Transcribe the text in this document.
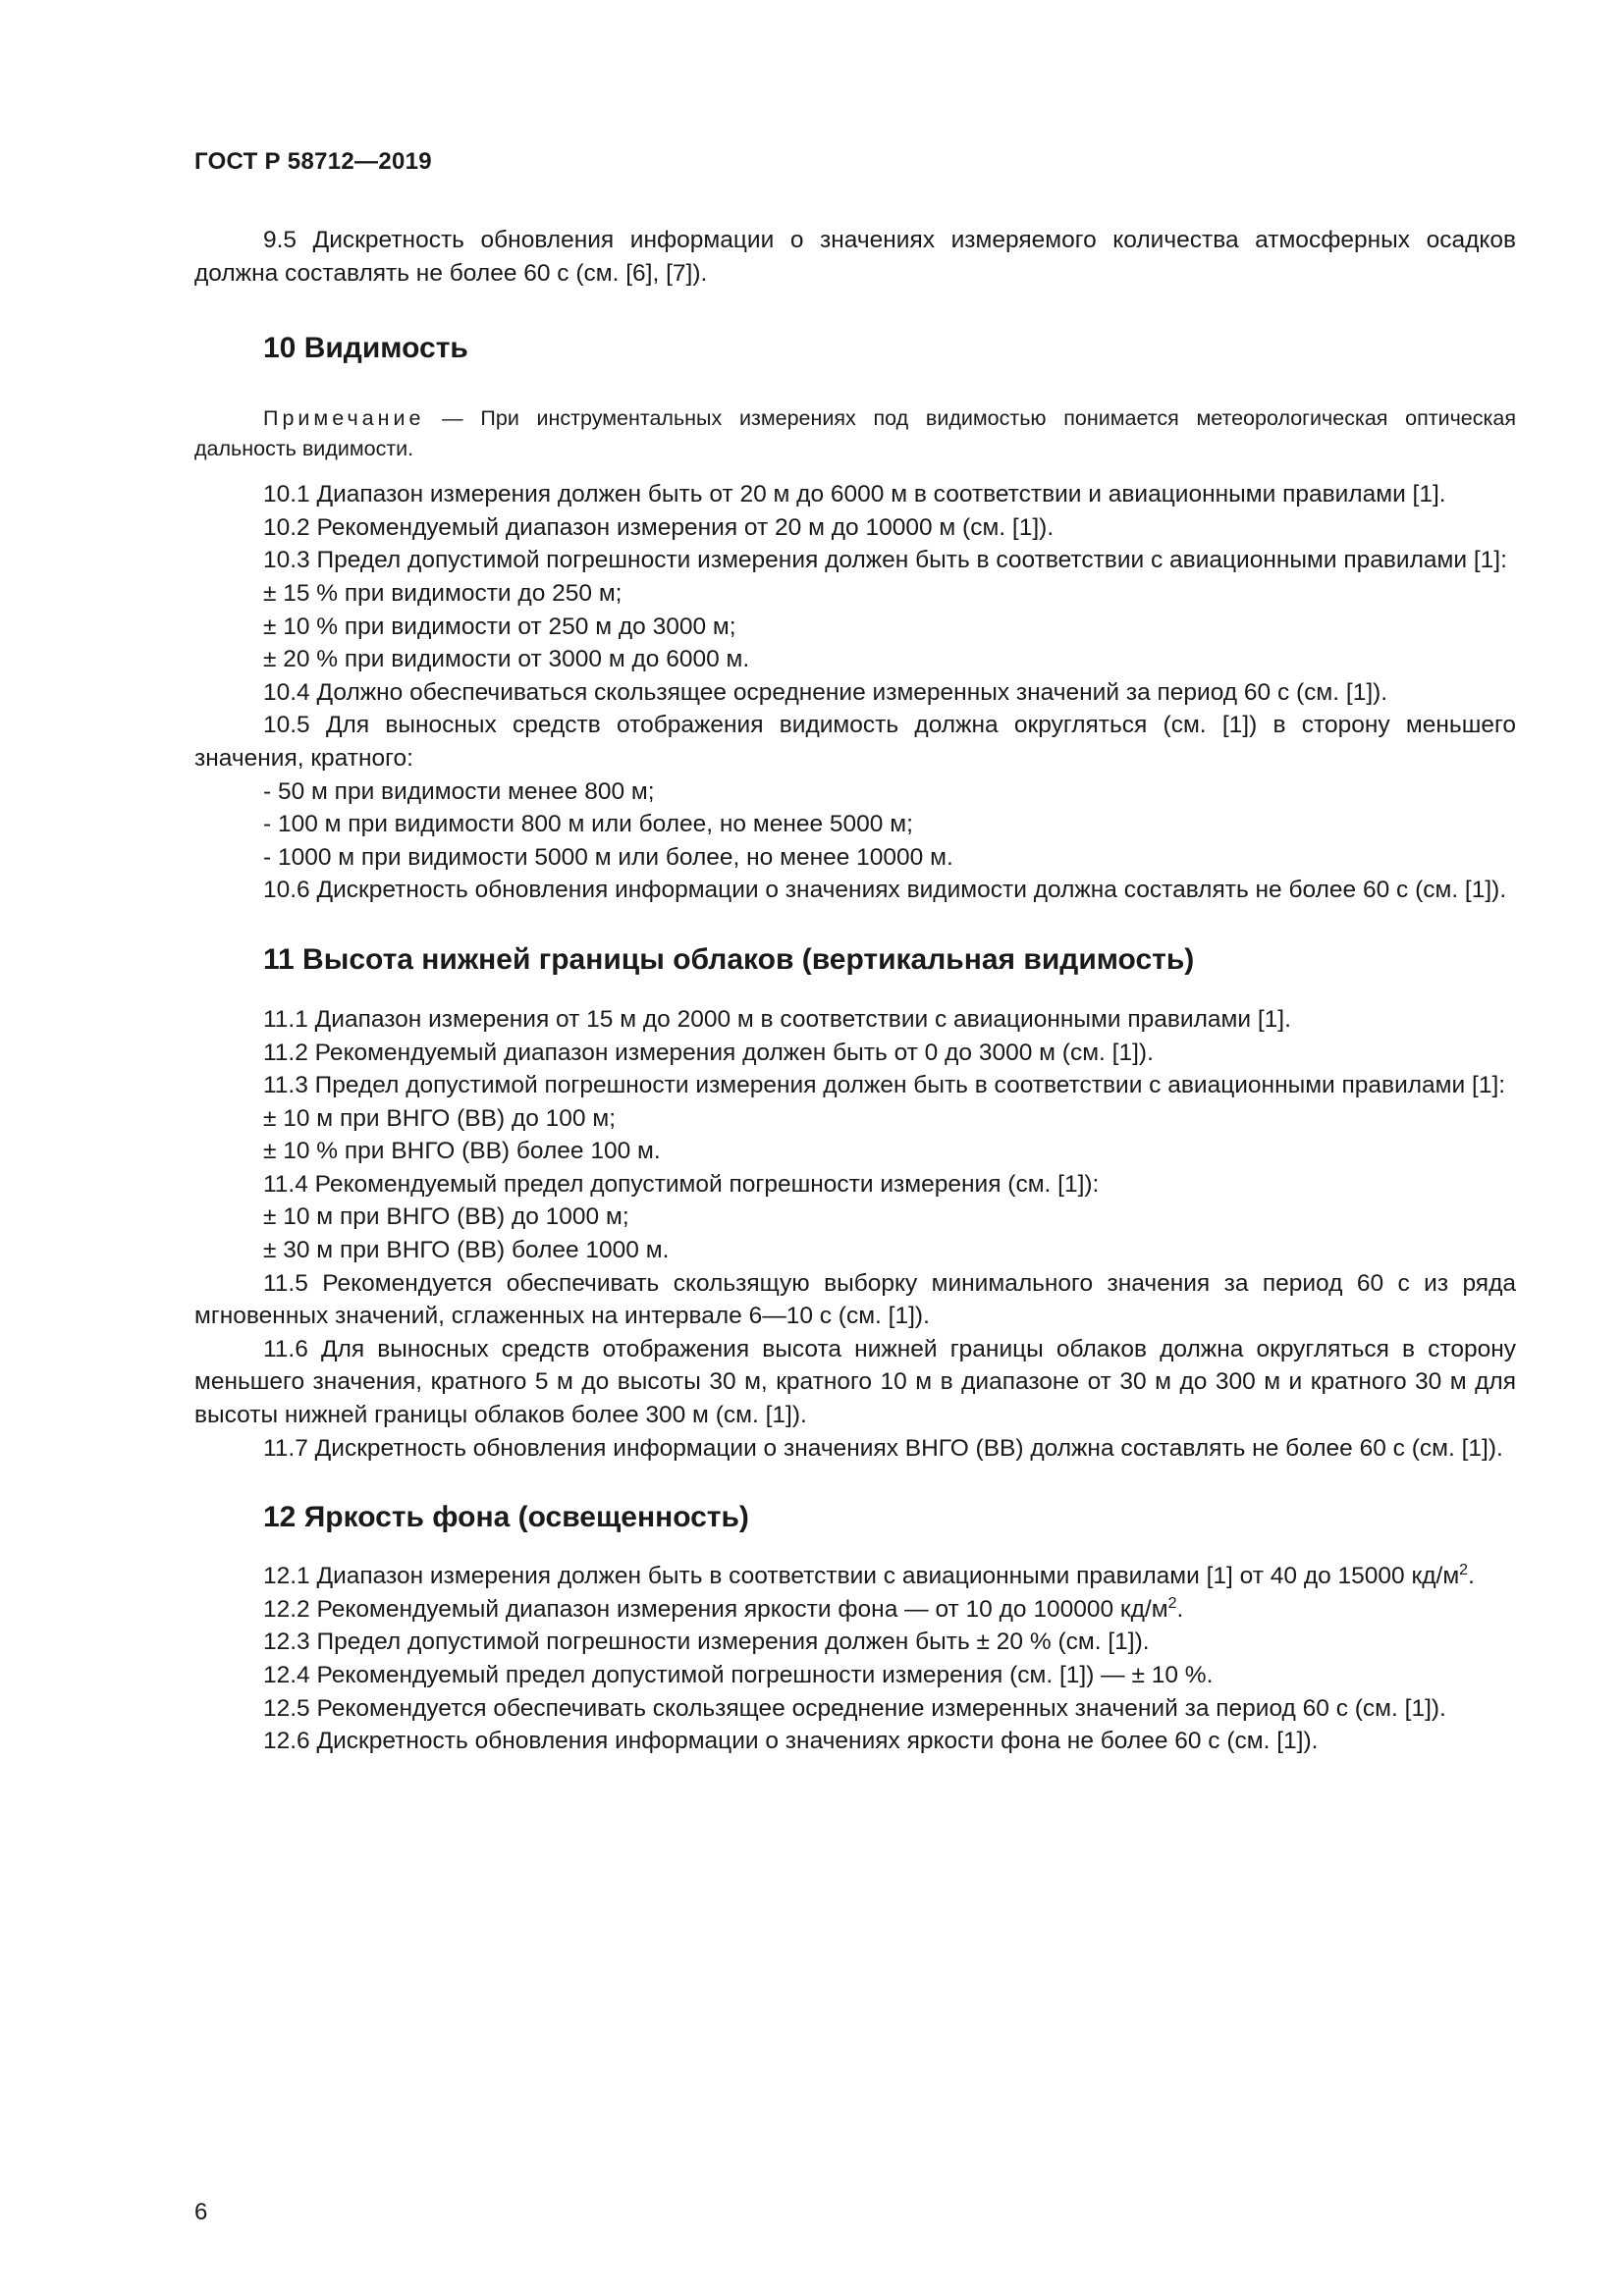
ГОСТ Р 58712—2019

9.5 Дискретность обновления информации о значениях измеряемого количества атмосферных осадков должна составлять не более 60 с (см. [6], [7]).

10 Видимость

Примечание — При инструментальных измерениях под видимостью понимается метеорологическая оптическая дальность видимости.

10.1 Диапазон измерения должен быть от 20 м до 6000 м в соответствии и авиационными правилами [1].

10.2 Рекомендуемый диапазон измерения от 20 м до 10000 м (см. [1]).

10.3 Предел допустимой погрешности измерения должен быть в соответствии с авиационными правилами [1]:

± 15 % при видимости до 250 м;

± 10 % при видимости от 250 м до 3000 м;

± 20 % при видимости от 3000 м до 6000 м.

10.4 Должно обеспечиваться скользящее осреднение измеренных значений за период 60 с (см. [1]).

10.5 Для выносных средств отображения видимость должна округляться (см. [1]) в сторону меньшего значения, кратного:

- 50 м при видимости менее 800 м;

- 100 м при видимости 800 м или более, но менее 5000 м;

- 1000 м при видимости 5000 м или более, но менее 10000 м.

10.6 Дискретность обновления информации о значениях видимости должна составлять не более 60 с (см. [1]).

11 Высота нижней границы облаков (вертикальная видимость)

11.1 Диапазон измерения от 15 м до 2000 м в соответствии с авиационными правилами [1].

11.2 Рекомендуемый диапазон измерения должен быть от 0 до 3000 м (см. [1]).

11.3 Предел допустимой погрешности измерения должен быть в соответствии с авиационными правилами [1]:

± 10 м при ВНГО (ВВ) до 100 м;

± 10 % при ВНГО (ВВ) более 100 м.

11.4 Рекомендуемый предел допустимой погрешности измерения (см. [1]):

± 10 м при ВНГО (ВВ) до 1000 м;

± 30 м при ВНГО (ВВ) более 1000 м.

11.5 Рекомендуется обеспечивать скользящую выборку минимального значения за период 60 с из ряда мгновенных значений, сглаженных на интервале 6—10 с (см. [1]).

11.6 Для выносных средств отображения высота нижней границы облаков должна округляться в сторону меньшего значения, кратного 5 м до высоты 30 м, кратного 10 м в диапазоне от 30 м до 300 м и кратного 30 м для высоты нижней границы облаков более 300 м (см. [1]).

11.7 Дискретность обновления информации о значениях ВНГО (ВВ) должна составлять не более 60 с (см. [1]).

12 Яркость фона (освещенность)

12.1 Диапазон измерения должен быть в соответствии с авиационными правилами [1] от 40 до 15000 $кд/м^2$.

12.2 Рекомендуемый диапазон измерения яркости фона — от 10 до 100000 $кд/м^2$.

12.3 Предел допустимой погрешности измерения должен быть ± 20 % (см. [1]).

12.4 Рекомендуемый предел допустимой погрешности измерения (см. [1]) — ± 10 %.

12.5 Рекомендуется обеспечивать скользящее осреднение измеренных значений за период 60 с (см. [1]).

12.6 Дискретность обновления информации о значениях яркости фона не более 60 с (см. [1]).

6
